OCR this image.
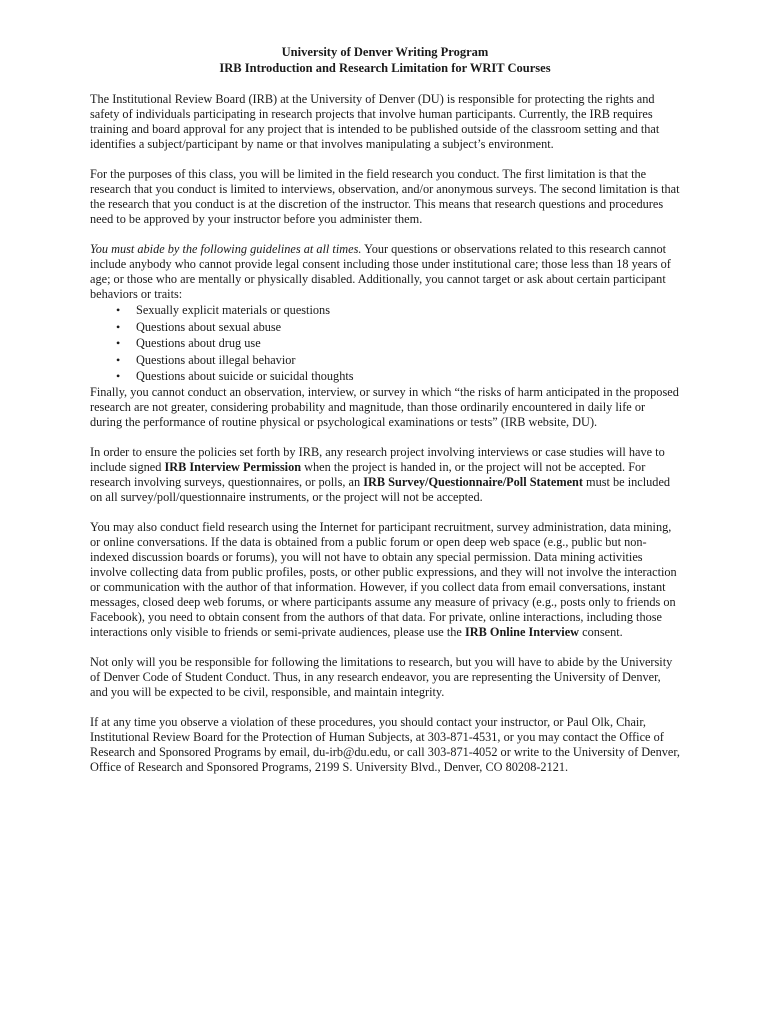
University of Denver Writing Program
IRB Introduction and Research Limitation for WRIT Courses

The Institutional Review Board (IRB) at the University of Denver (DU) is responsible for protecting the rights and safety of individuals participating in research projects that involve human participants. Currently, the IRB requires training and board approval for any project that is intended to be published outside of the classroom setting and that identifies a subject/participant by name or that involves manipulating a subject’s environment.

For the purposes of this class, you will be limited in the field research you conduct. The first limitation is that the research that you conduct is limited to interviews, observation, and/or anonymous surveys. The second limitation is that the research that you conduct is at the discretion of the instructor. This means that research questions and procedures need to be approved by your instructor before you administer them.

You must abide by the following guidelines at all times. Your questions or observations related to this research cannot include anybody who cannot provide legal consent including those under institutional care; those less than 18 years of age; or those who are mentally or physically disabled. Additionally, you cannot target or ask about certain participant behaviors or traits:

• Sexually explicit materials or questions
• Questions about sexual abuse
• Questions about drug use
• Questions about illegal behavior
• Questions about suicide or suicidal thoughts

Finally, you cannot conduct an observation, interview, or survey in which “the risks of harm anticipated in the proposed research are not greater, considering probability and magnitude, than those ordinarily encountered in daily life or during the performance of routine physical or psychological examinations or tests” (IRB website, DU).

In order to ensure the policies set forth by IRB, any research project involving interviews or case studies will have to include signed IRB Interview Permission when the project is handed in, or the project will not be accepted. For research involving surveys, questionnaires, or polls, an IRB Survey/Questionnaire/Poll Statement must be included on all survey/poll/questionnaire instruments, or the project will not be accepted.

You may also conduct field research using the Internet for participant recruitment, survey administration, data mining, or online conversations. If the data is obtained from a public forum or open deep web space (e.g., public but non-indexed discussion boards or forums), you will not have to obtain any special permission. Data mining activities involve collecting data from public profiles, posts, or other public expressions, and they will not involve the interaction or communication with the author of that information. However, if you collect data from email conversations, instant messages, closed deep web forums, or where participants assume any measure of privacy (e.g., posts only to friends on Facebook), you need to obtain consent from the authors of that data. For private, online interactions, including those interactions only visible to friends or semi-private audiences, please use the IRB Online Interview consent.

Not only will you be responsible for following the limitations to research, but you will have to abide by the University of Denver Code of Student Conduct. Thus, in any research endeavor, you are representing the University of Denver, and you will be expected to be civil, responsible, and maintain integrity.

If at any time you observe a violation of these procedures, you should contact your instructor, or Paul Olk, Chair, Institutional Review Board for the Protection of Human Subjects, at 303-871-4531, or you may contact the Office of Research and Sponsored Programs by email, du-irb@du.edu, or call 303-871-4052 or write to the University of Denver, Office of Research and Sponsored Programs, 2199 S. University Blvd., Denver, CO 80208-2121.
